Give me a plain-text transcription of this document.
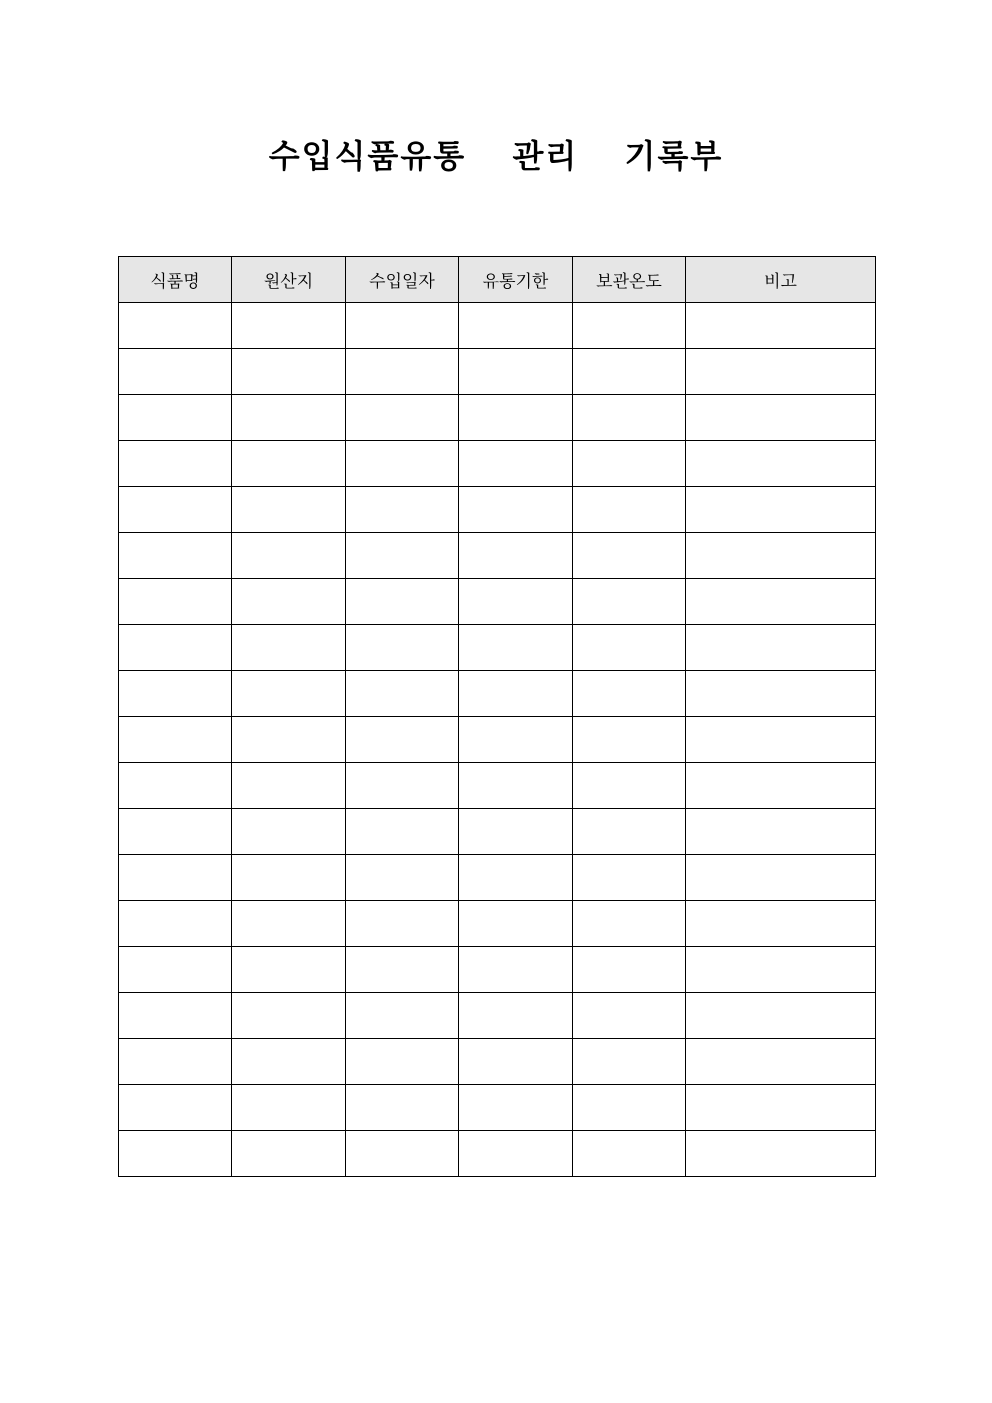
수입식품유통  관리  기록부
식품명	원산지	수입일자	유통기한	보관온도	비고
